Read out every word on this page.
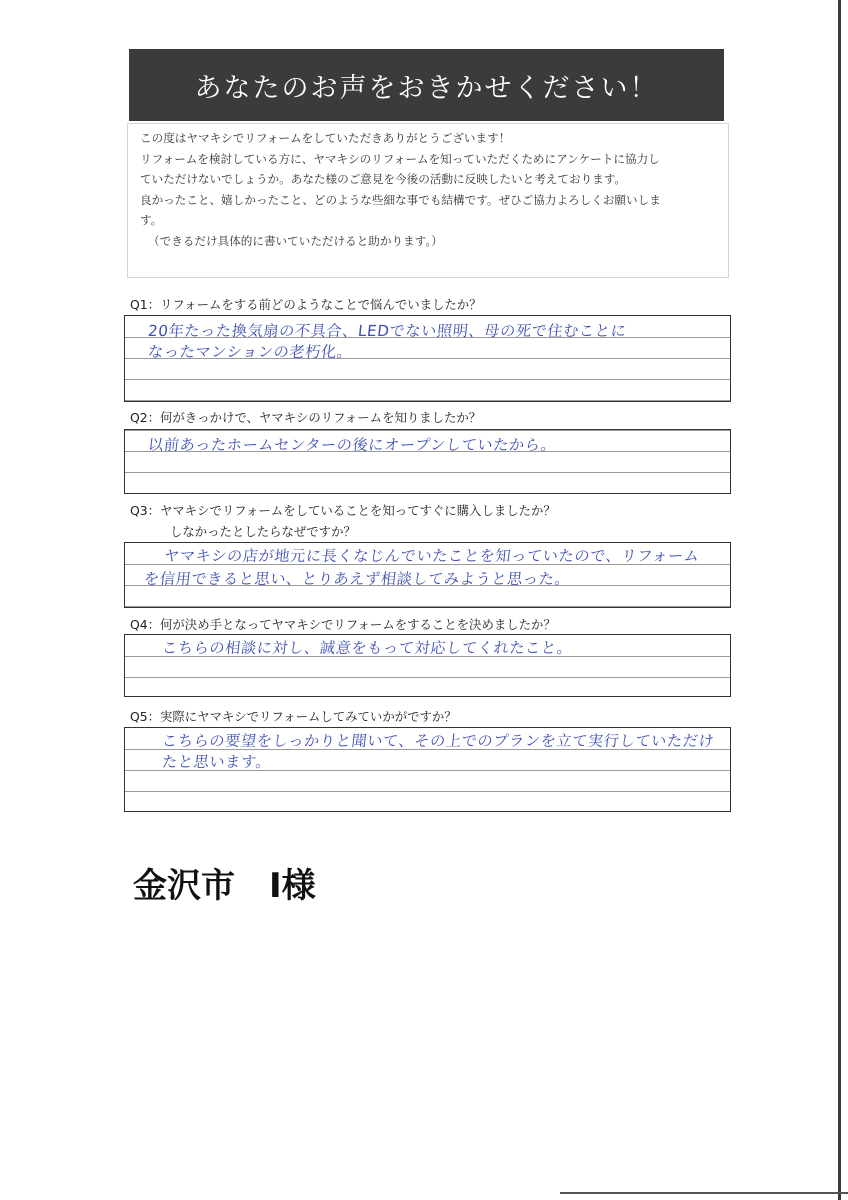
あなたのお声をおきかせください！

この度はヤマキシでリフォームをしていただきありがとうございます！

リフォームを検討している方に、ヤマキシのリフォームを知っていただくためにアンケートに協力し

ていただけないでしょうか。あなた様のご意見を今後の活動に反映したいと考えております。

良かったこと、嬉しかったこと、どのような些細な事でも結構です。ぜひご協力よろしくお願いしま

す。

（できるだけ具体的に書いていただけると助かります。）

Q1：リフォームをする前どのようなことで悩んでいましたか？
20年たった換気扇の不具合、LEDでない照明、母の死で住むことに
なったマンションの老朽化。
Q2：何がきっかけで、ヤマキシのリフォームを知りましたか？
以前あったホームセンターの後にオープンしていたから。
Q3：ヤマキシでリフォームをしていることを知ってすぐに購入しましたか？
しなかったとしたらなぜですか？
ヤマキシの店が地元に長くなじんでいたことを知っていたので、リフォーム
を信用できると思い、とりあえず相談してみようと思った。
Q4：何が決め手となってヤマキシでリフォームをすることを決めましたか？
こちらの相談に対し、誠意をもって対応してくれたこと。
Q5：実際にヤマキシでリフォームしてみていかがですか？
こちらの要望をしっかりと聞いて、その上でのプランを立て実行していただけ
たと思います。
金沢市　I様
